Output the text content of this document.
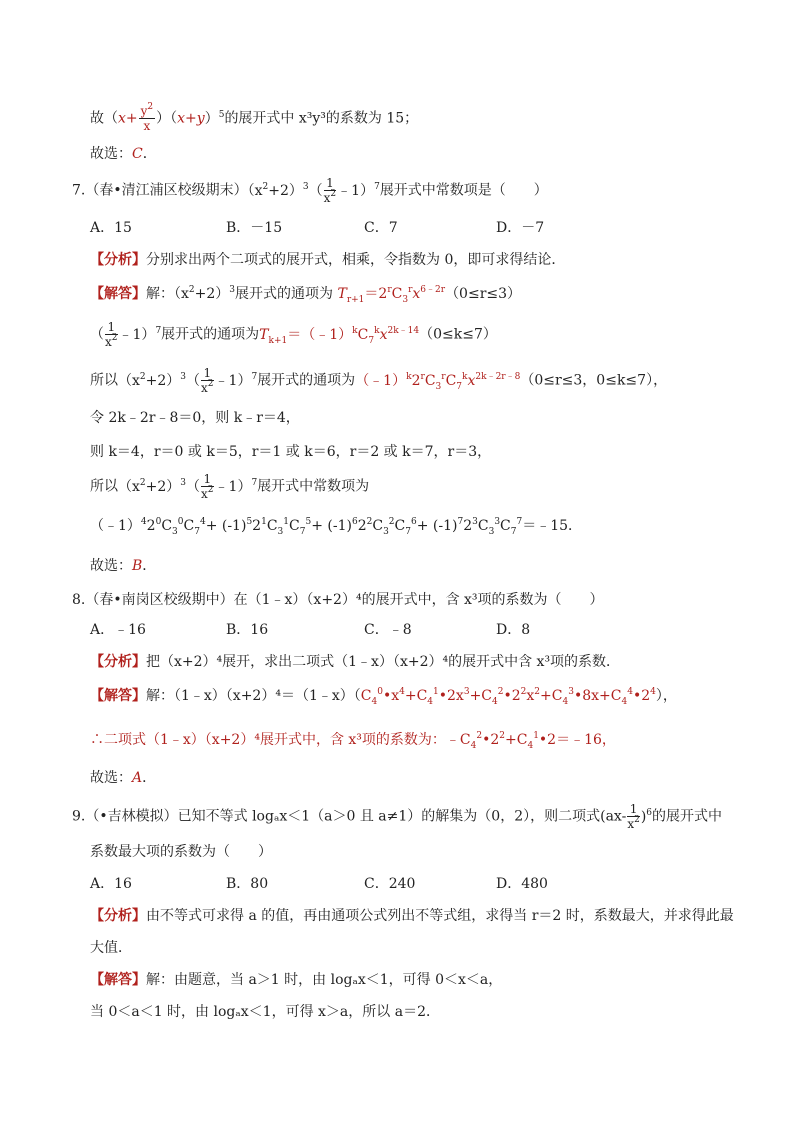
故$(x+ \frac{y^2}{x} )(x+y)^5$的展开式中 x³y³的系数为 15；
故选：C．
7.（春•清江浦区校级期末）$(x^2+2)^3( \frac{1}{x^2}$ ﹣1）$^7$展开式中常数项是（　　）
A．15	B．－15	C．7	D．－7
【分析】分别求出两个二项式的展开式，相乘，令指数为 0，即可求得结论．
【解答】解：$(x^2+2)^3$展开式的通项为 $T_{r+1}=2^rC_3^rx^{6﹣2r}(0\le r\le 3)$
（ $\frac{1}{x^2}$ ﹣1）$^7$展开式的通项为$T_{k+1}=(﹣1)^kC_7^kx^{2k﹣14}(0\le k\le 7)$
所以$(x^2+2)^3( \frac{1}{x^2}$ ﹣1）$^7$展开式的通项为$(﹣1)^k2^rC_3^rC_7^kx^{2k﹣2r﹣8}(0\le r\le 3$，0≤k≤7），
令 2k﹣2r﹣8＝0，则 k﹣r＝4，
则 k＝4，r＝0 或 k＝5，r＝1 或 k＝6，r＝2 或 k＝7，r＝3，
所以$(x^2+2)^3( \frac{1}{x^2}$ ﹣1）$^7$展开式中常数项为
$(﹣1)^42^0C_3^0C_7^4+ (-1)^52^1C_3^1C_7^5+ (-1)^62^2C_3^2C_7^6+$ $(-1)^72^3C_3^3C_7^7=﹣15$．
故选：B．
8.（春•南岗区校级期中）在（1﹣x）（x+2）⁴的展开式中，含 x³项的系数为（　　）
A．﹣16	B．16	C．﹣8	D．8
【分析】把（x+2）⁴展开，求出二项式（1﹣x）（x+2）⁴的展开式中含 x³项的系数．
【解答】解：$(1﹣x)(x+2)^4=(1﹣x)(C_4^0•x^4+C_4^1•2x^3+C_4^2•2^2x^2+C_4^3•8x+C_4^4•2^4)$，
∴二项式（1﹣x）（x+2）⁴展开式中，含 x³项的系数为：$﹣C_4^2•2^2+C_4^1•2=﹣16$，
故选：A．
9.（•吉林模拟）已知不等式 logₐx＜1（a＞0 且 a≠1）的解集为（0，2），则二项式$(ax- \frac{1}{x^2} )^6$的展开式中
系数最大项的系数为（　　）
A．16	B．80	C．240	D．480
【分析】由不等式可求得 a 的值，再由通项公式列出不等式组，求得当 r＝2 时，系数最大，并求得此最
大值．
【解答】解：由题意，当 a＞1 时，由 logₐx＜1，可得 0＜x＜a，
当 0＜a＜1 时，由 logₐx＜1，可得 x＞a，所以 a＝2．
